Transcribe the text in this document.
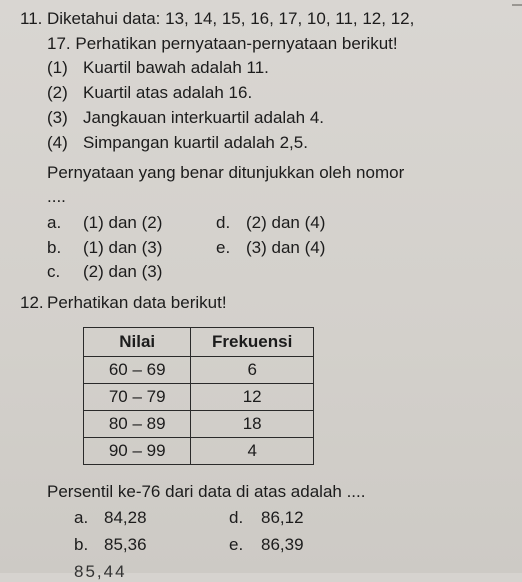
11. Diketahui data: 13, 14, 15, 16, 17, 10, 11, 12, 12,
17. Perhatikan pernyataan-pernyataan berikut!
(1) Kuartil bawah adalah 11.
(2) Kuartil atas adalah 16.
(3) Jangkauan interkuartil adalah 4.
(4) Simpangan kuartil adalah 2,5.
Pernyataan yang benar ditunjukkan oleh nomor
....
a. (1) dan (2)
b. (1) dan (3)
c. (2) dan (3)
d. (2) dan (4)
e. (3) dan (4)
12. Perhatikan data berikut!
Nilai	Frekuensi
60 – 69	6
70 – 79	12
80 – 89	18
90 – 99	4
Persentil ke-76 dari data di atas adalah ....
a. 84,28
b. 85,36
d. 86,12
e. 86,39
85,44
